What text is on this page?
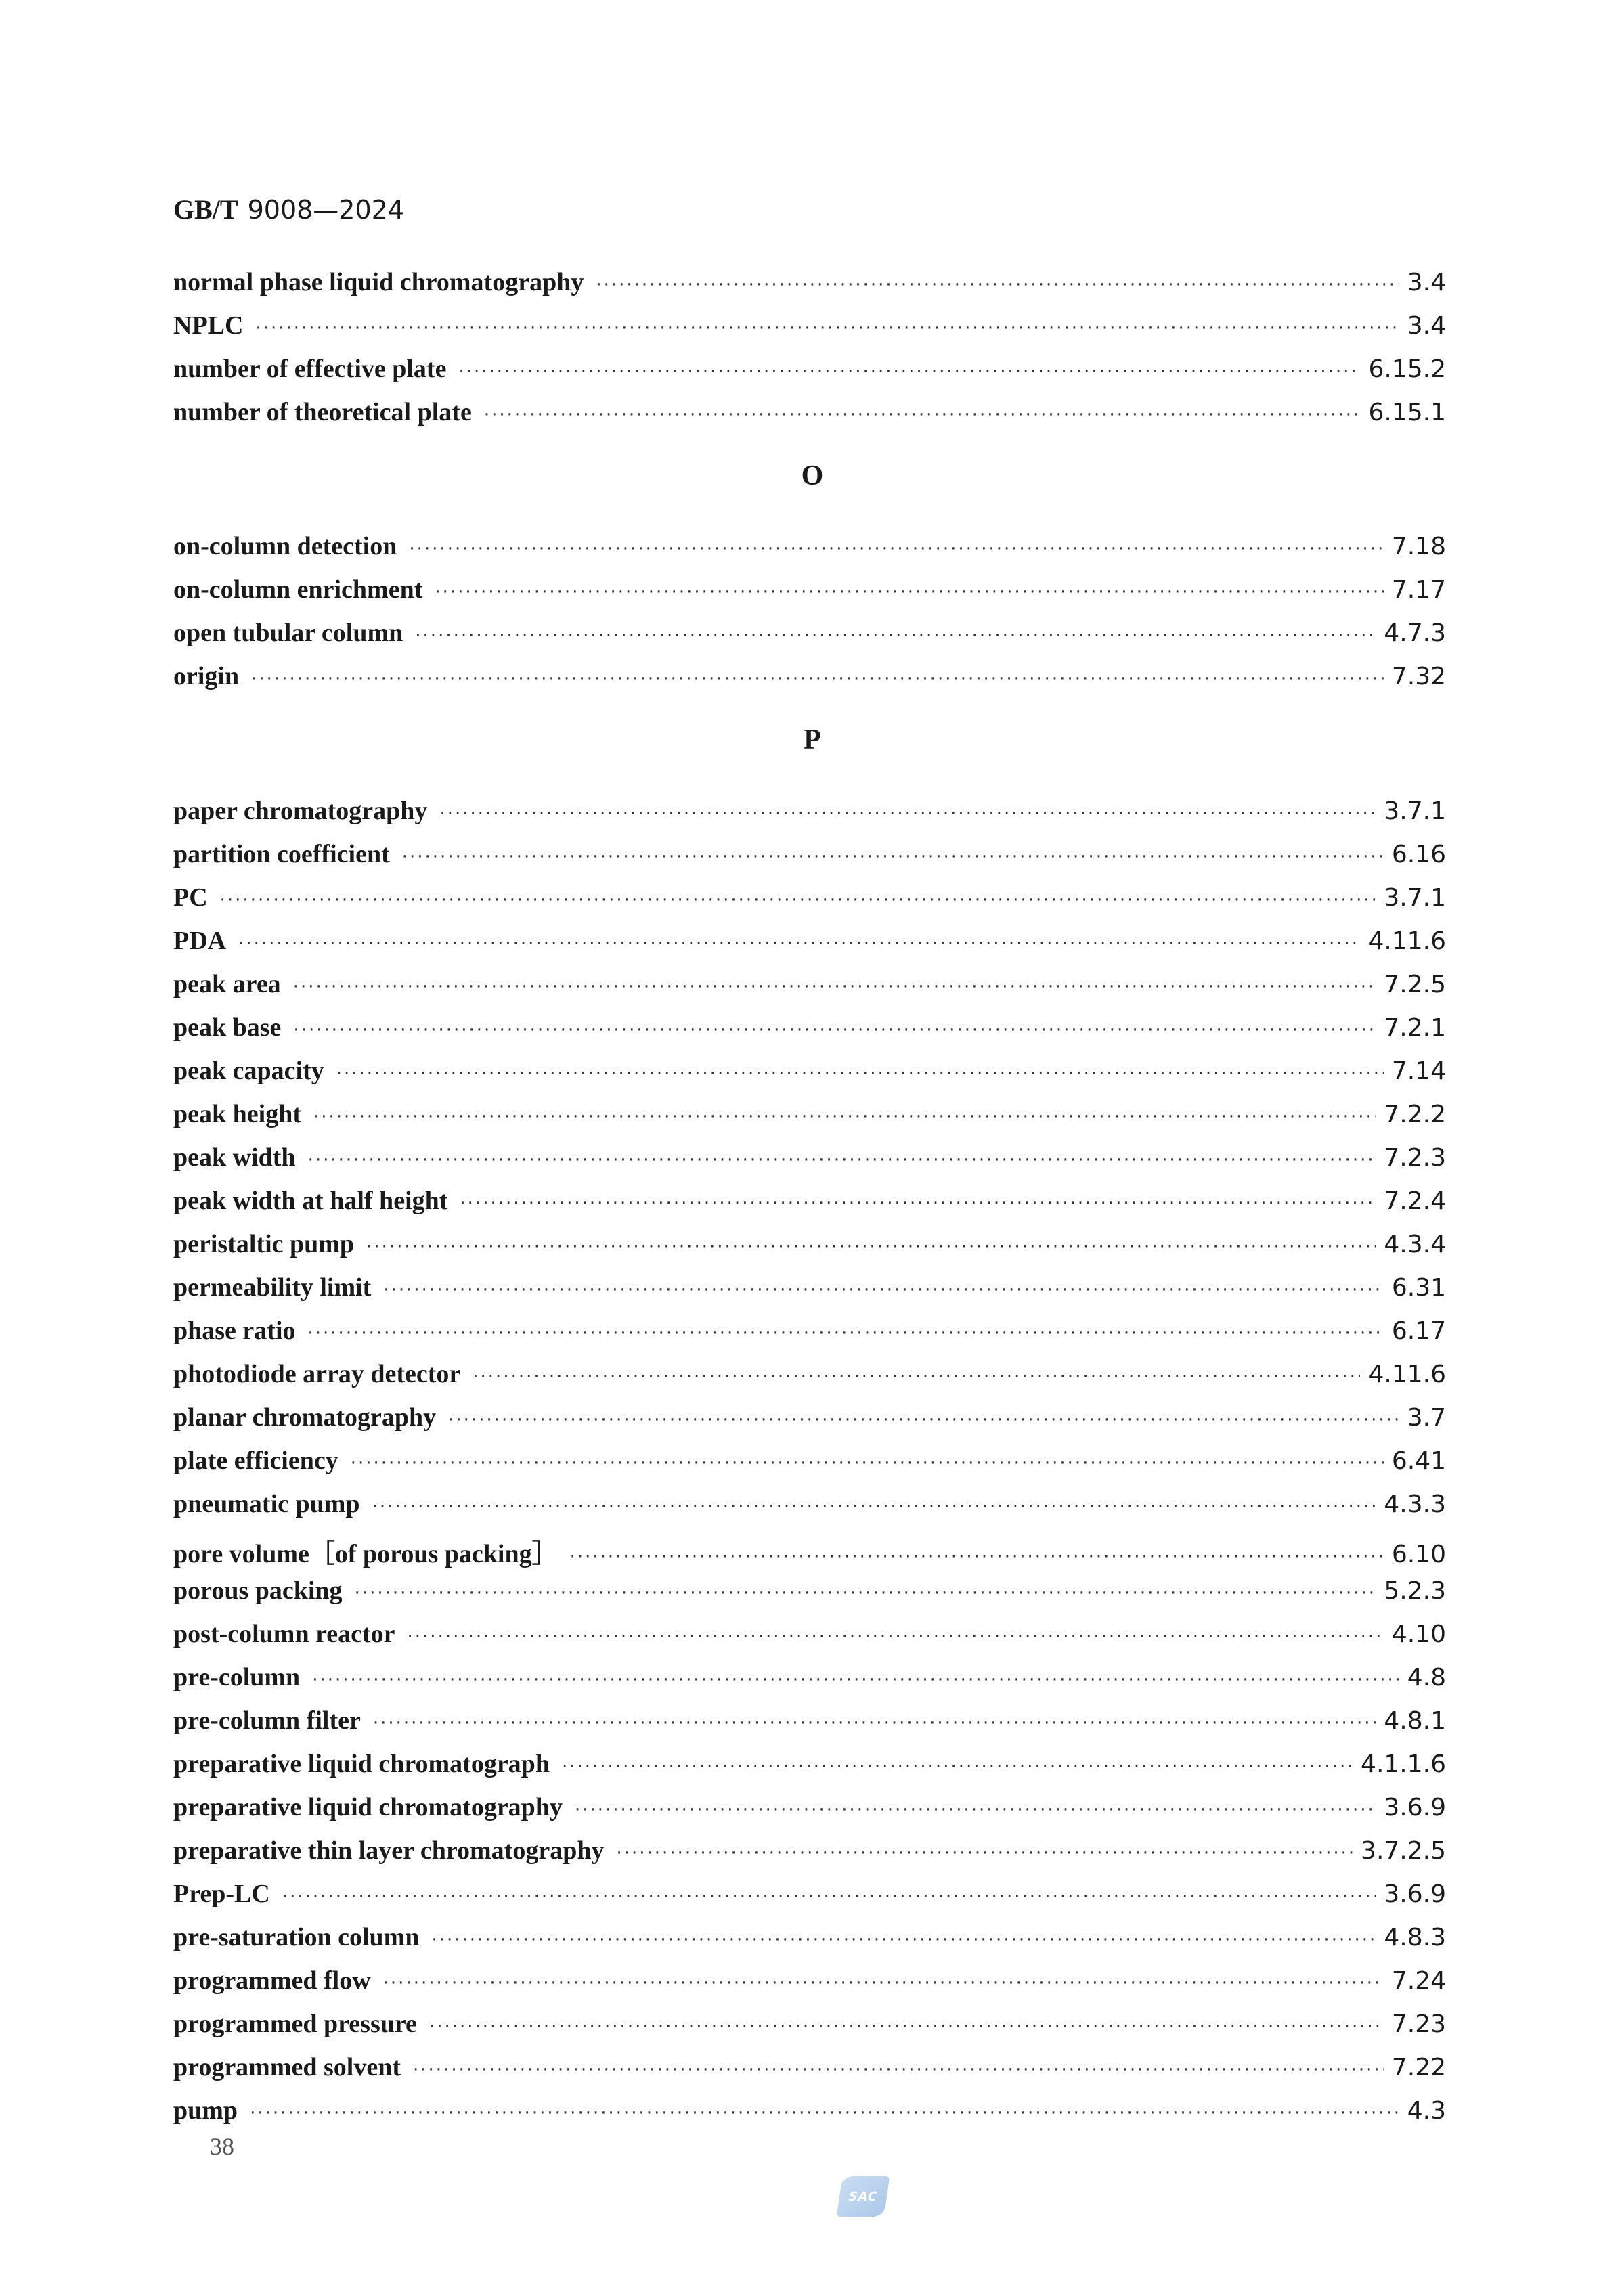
GB/T 9008—2024
normal phase liquid chromatography ·····	3.4
NPLC ·····	3.4
number of effective plate ·····	6.15.2
number of theoretical plate ·····	6.15.1
O
on-column detection ·····	7.18
on-column enrichment ·····	7.17
open tubular column ·····	4.7.3
origin ·····	7.32
P
paper chromatography ·····	3.7.1
partition coefficient ·····	6.16
PC ·····	3.7.1
PDA ·····	4.11.6
peak area ·····	7.2.5
peak base ·····	7.2.1
peak capacity ·····	7.14
peak height ·····	7.2.2
peak width ·····	7.2.3
peak width at half height ·····	7.2.4
peristaltic pump ·····	4.3.4
permeability limit ·····	6.31
phase ratio ·····	6.17
photodiode array detector ·····	4.11.6
planar chromatography ·····	3.7
plate efficiency ·····	6.41
pneumatic pump ·····	4.3.3
pore volume［of porous packing］ ·····	6.10
porous packing ·····	5.2.3
post-column reactor ·····	4.10
pre-column ·····	4.8
pre-column filter ·····	4.8.1
preparative liquid chromatograph ·····	4.1.1.6
preparative liquid chromatography ·····	3.6.9
preparative thin layer chromatography ·····	3.7.2.5
Prep-LC ·····	3.6.9
pre-saturation column ·····	4.8.3
programmed flow ·····	7.24
programmed pressure ·····	7.23
programmed solvent ·····	7.22
pump ·····	4.3
38
SAC
